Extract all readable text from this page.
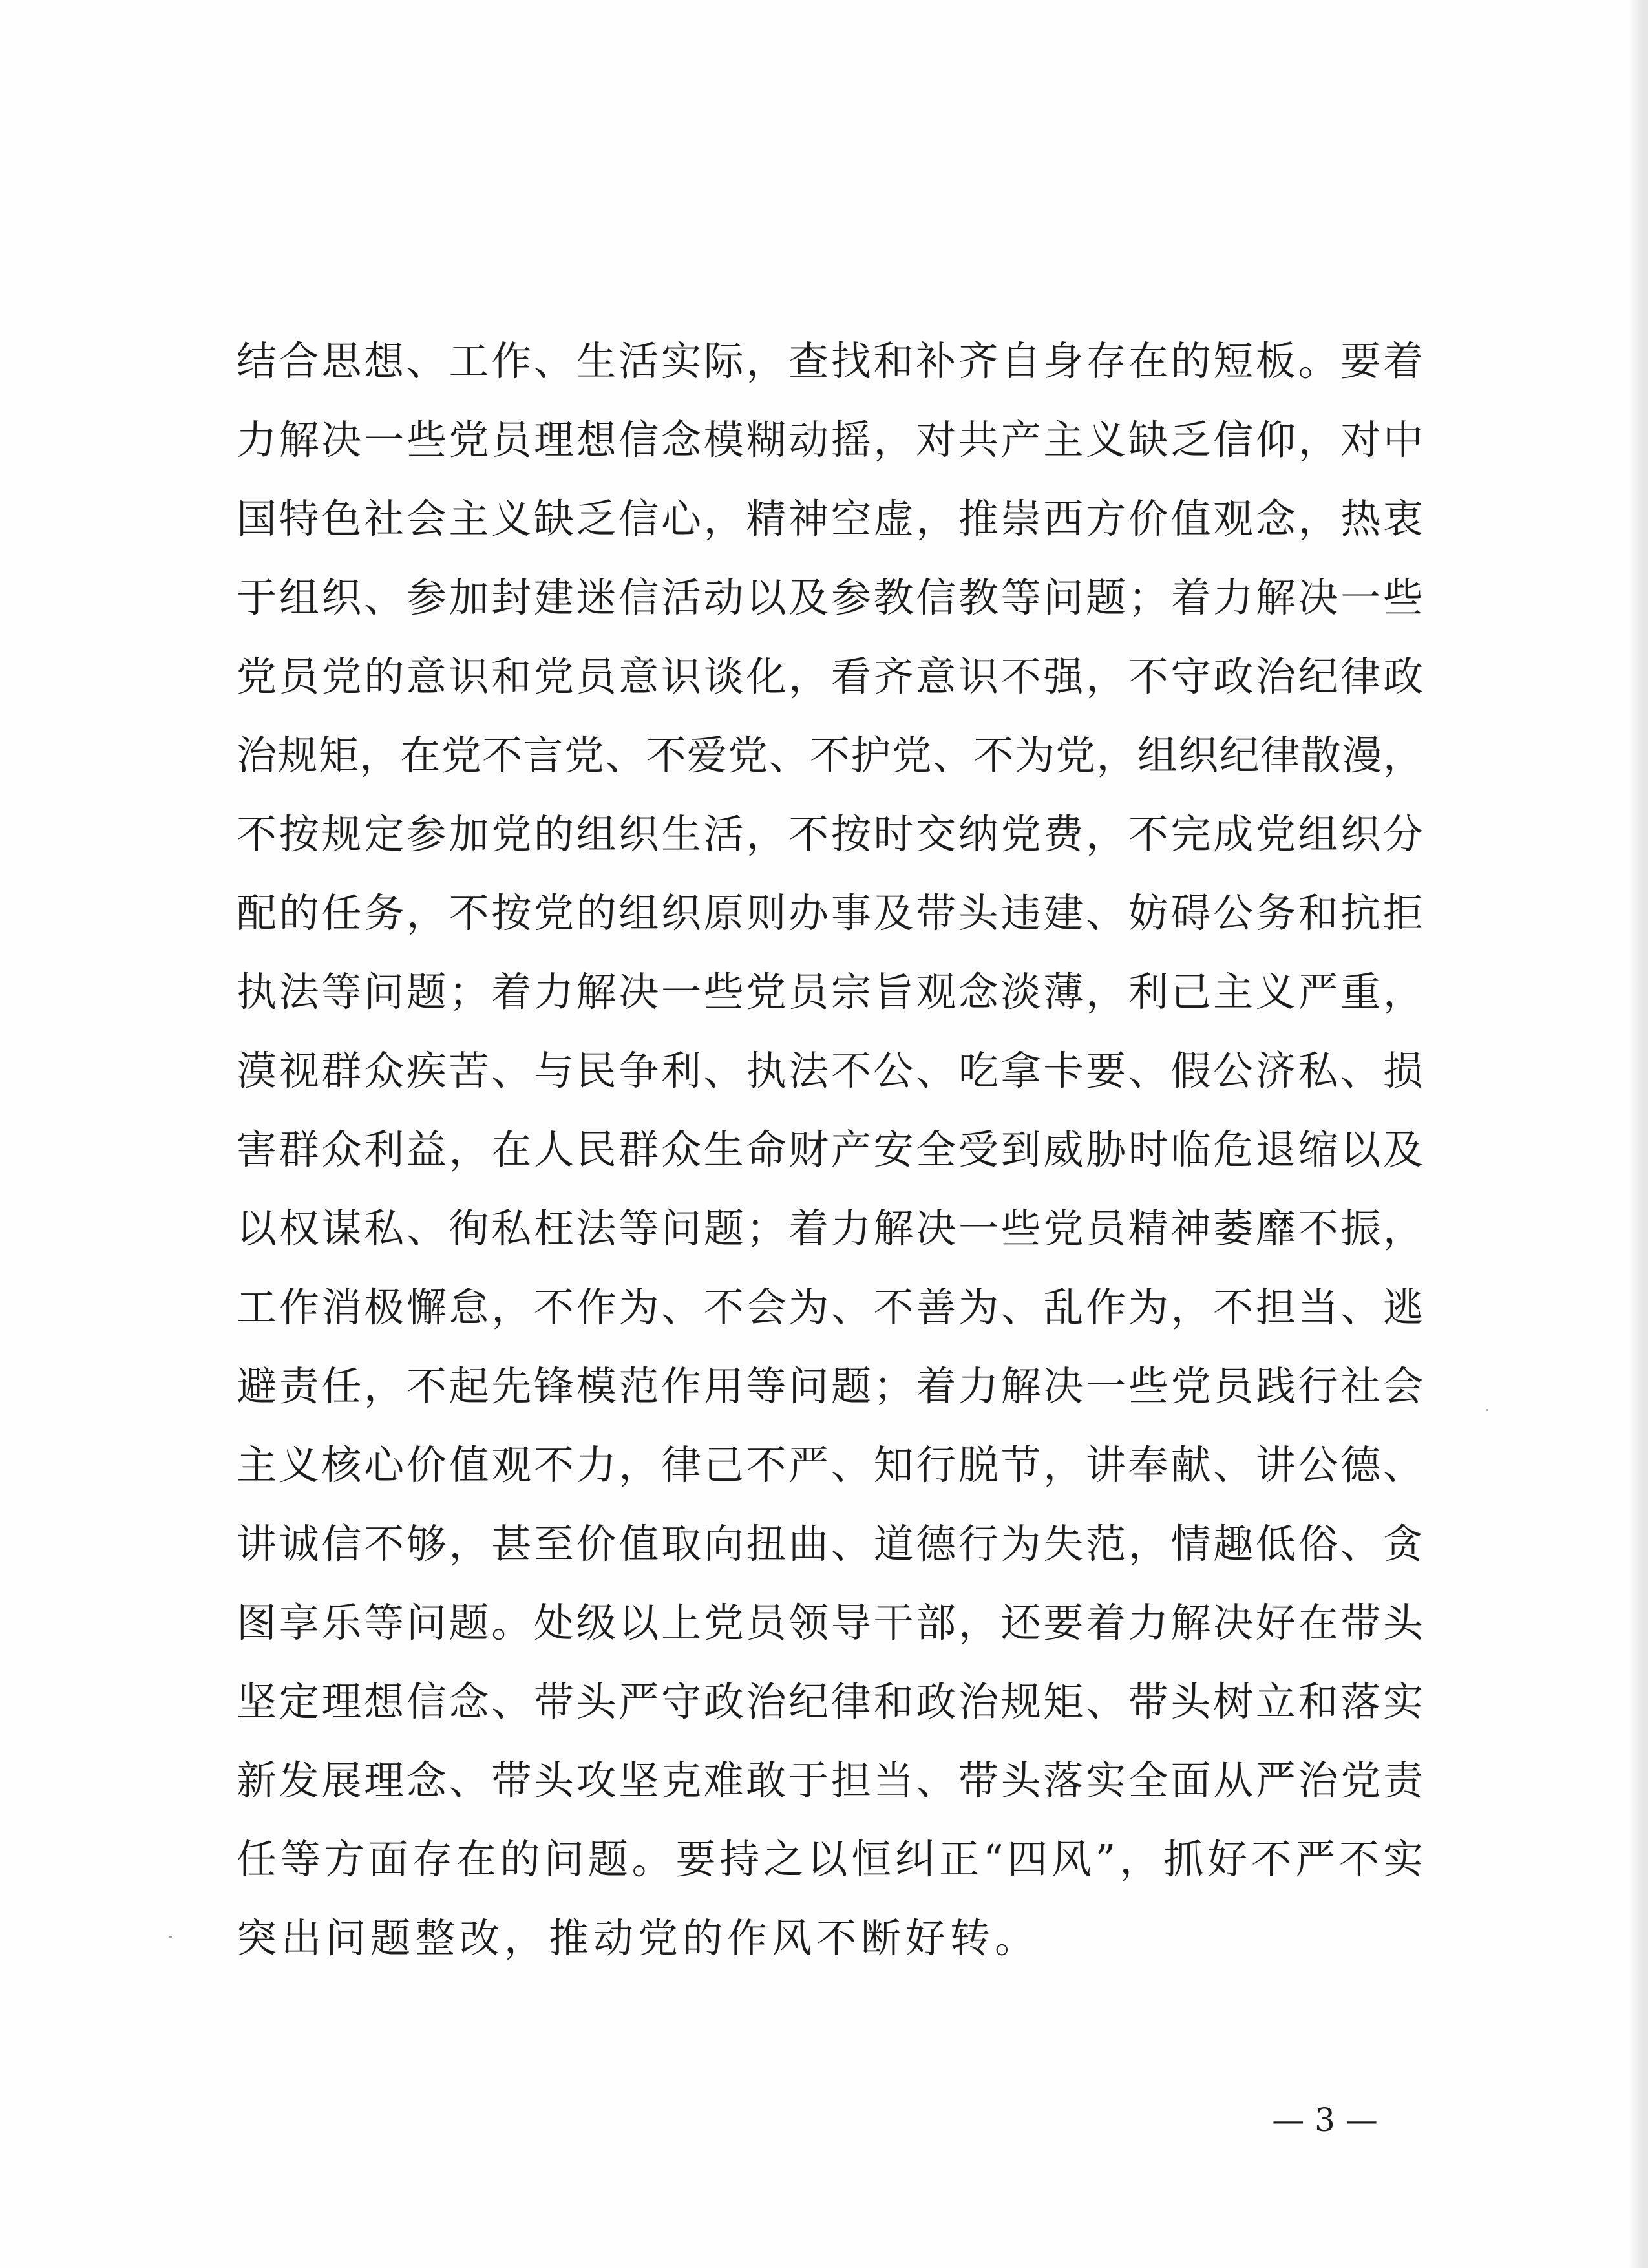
结合思想、工作、生活实际，查找和补齐自身存在的短板。要着
力解决一些党员理想信念模糊动摇，对共产主义缺乏信仰，对中
国特色社会主义缺乏信心，精神空虚，推崇西方价值观念，热衷
于组织、参加封建迷信活动以及参教信教等问题；着力解决一些
党员党的意识和党员意识谈化，看齐意识不强，不守政治纪律政
治规矩，在党不言党、不爱党、不护党、不为党，组织纪律散漫，
不按规定参加党的组织生活，不按时交纳党费，不完成党组织分
配的任务，不按党的组织原则办事及带头违建、妨碍公务和抗拒
执法等问题；着力解决一些党员宗旨观念淡薄，利己主义严重，
漠视群众疾苦、与民争利、执法不公、吃拿卡要、假公济私、损
害群众利益，在人民群众生命财产安全受到威胁时临危退缩以及
以权谋私、徇私枉法等问题；着力解决一些党员精神萎靡不振，
工作消极懈怠，不作为、不会为、不善为、乱作为，不担当、逃
避责任，不起先锋模范作用等问题；着力解决一些党员践行社会
主义核心价值观不力，律己不严、知行脱节，讲奉献、讲公德、
讲诚信不够，甚至价值取向扭曲、道德行为失范，情趣低俗、贪
图享乐等问题。处级以上党员领导干部，还要着力解决好在带头
坚定理想信念、带头严守政治纪律和政治规矩、带头树立和落实
新发展理念、带头攻坚克难敢于担当、带头落实全面从严治党责
任等方面存在的问题。要持之以恒纠正“四风”，抓好不严不实
突出问题整改，推动党的作风不断好转。
— 3 —
